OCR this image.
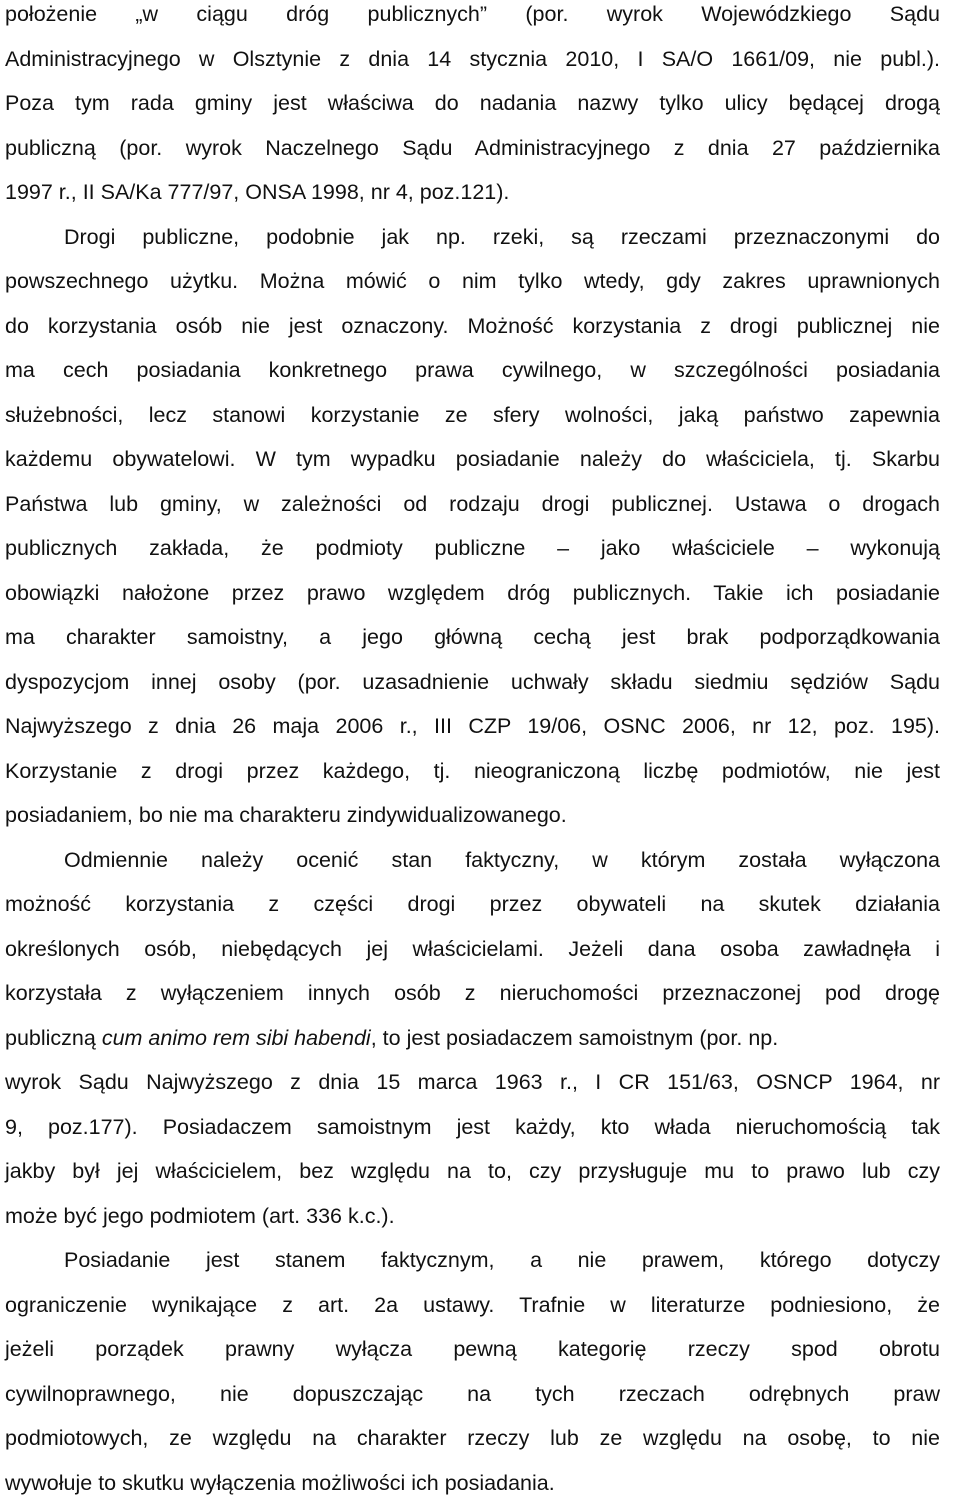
położenie „w ciągu dróg publicznych” (por. wyrok Wojewódzkiego Sądu

Administracyjnego w Olsztynie z dnia 14 stycznia 2010, I SA/O 1661/09, nie publ.).

Poza tym rada gminy jest właściwa do nadania nazwy tylko ulicy będącej drogą

publiczną (por. wyrok Naczelnego Sądu Administracyjnego z dnia 27 października

1997 r., II SA/Ka 777/97, ONSA 1998, nr 4, poz.121).

Drogi publiczne, podobnie jak np. rzeki, są rzeczami przeznaczonymi do

powszechnego użytku. Można mówić o nim tylko wtedy, gdy zakres uprawnionych

do korzystania osób nie jest oznaczony. Możność korzystania z drogi publicznej nie

ma cech posiadania konkretnego prawa cywilnego, w szczególności posiadania

służebności, lecz stanowi korzystanie ze sfery wolności, jaką państwo zapewnia

każdemu obywatelowi. W tym wypadku posiadanie należy do właściciela, tj. Skarbu

Państwa lub gminy, w zależności od rodzaju drogi publicznej. Ustawa o drogach

publicznych zakłada, że podmioty publiczne – jako właściciele – wykonują

obowiązki nałożone przez prawo względem dróg publicznych. Takie ich posiadanie

ma charakter samoistny, a jego główną cechą jest brak podporządkowania

dyspozycjom innej osoby (por. uzasadnienie uchwały składu siedmiu sędziów Sądu

Najwyższego z dnia 26 maja 2006 r., III CZP 19/06, OSNC 2006, nr 12, poz. 195).

Korzystanie z drogi przez każdego, tj. nieograniczoną liczbę podmiotów, nie jest

posiadaniem, bo nie ma charakteru zindywidualizowanego.

Odmiennie należy ocenić stan faktyczny, w którym została wyłączona

możność korzystania z części drogi przez obywateli na skutek działania

określonych osób, niebędących jej właścicielami. Jeżeli dana osoba zawładnęła i

korzystała z wyłączeniem innych osób z nieruchomości przeznaczonej pod drogę

publiczną cum animo rem sibi habendi, to jest posiadaczem samoistnym (por. np.

wyrok Sądu Najwyższego z dnia 15 marca 1963 r., I CR 151/63, OSNCP 1964, nr

9, poz.177). Posiadaczem samoistnym jest każdy, kto włada nieruchomością tak

jakby był jej właścicielem, bez względu na to, czy przysługuje mu to prawo lub czy

może być jego podmiotem (art. 336 k.c.).

Posiadanie jest stanem faktycznym, a nie prawem, którego dotyczy

ograniczenie wynikające z art. 2a ustawy. Trafnie w literaturze podniesiono, że

jeżeli porządek prawny wyłącza pewną kategorię rzeczy spod obrotu

cywilnoprawnego, nie dopuszczając na tych rzeczach odrębnych praw

podmiotowych, ze względu na charakter rzeczy lub ze względu na osobę, to nie

wywołuje to skutku wyłączenia możliwości ich posiadania.
